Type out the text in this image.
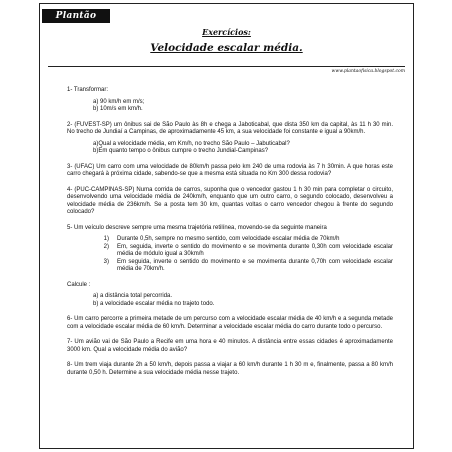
Plantão Física	Exercícios:
Velocidade escalar média.
www.plantaofisica.blogspot.com

1- Transformar:

a) 90 km/h em m/s;

b) 10m/s em km/h.

2- (FUVEST-SP) um ônibus sai de São Paulo às 8h e chega a Jaboticabal, que dista 350 km da capital, às 11 h 30 min. No trecho de Jundiaí a Campinas, de aproximadamente 45 km, a sua velocidade foi constante e igual a 90km/h.

a)Qual a velocidade média, em Km/h, no trecho São Paulo – Jabuticabal?

b)Em quanto tempo o ônibus cumpre o trecho Jundial-Campinas?

3- (UFAC) Um carro com uma velocidade de 80km/h passa pelo km 240 de uma rodovia às 7 h 30min. A que horas este carro chegará à próxima cidade, sabendo-se que a mesma está situada no Km 300 dessa rodovia?

4- (PUC-CAMPINAS-SP) Numa corrida de carros, suponha que o vencedor gastou 1 h 30 min para completar o circuito, desenvolvendo uma velocidade média de 240km/h, enquanto que um outro carro, o segundo colocado, desenvolveu a velocidade média de 236km/h. Se a posta tem 30 km, quantas voltas o carro vencedor chegou à frente do segundo colocado?

5- Um veículo descreve sempre uma mesma trajetória retilínea, movendo-se da seguinte maneira

1)	Durante 0,5h, sempre no mesmo sentido, com velocidade escalar média de 70km/h
2)	Em, seguida, inverte o sentido do movimento e se movimenta durante 0,30h com velocidade escalar média de módulo igual a 30km/h
3)	Em seguida, inverte o sentido do movimento e se movimenta durante 0,70h com velocidade escalar média de 70km/h.

Calcule :

a) a distância total percorrida.

b) a velocidade escalar média no trajeto todo.

6- Um carro percorre a primeira metade de um percurso com a velocidade escalar média de 40 km/h e a segunda metade com a velocidade escalar média de 60 km/h. Determinar a velocidade escalar média do carro durante todo o percurso.

7- Um avião vai de São Paulo a Recife em uma hora e 40 minutos. A distância entre essas cidades é aproximadamente 3000 km. Qual a velocidade média do avião?

8- Um trem viaja durante 2h a 50 km/h, depois passa a viajar a 60 km/h durante 1 h 30 m e, finalmente, passa a 80 km/h durante 0,50 h. Determine a sua velocidade média nesse trajeto.
